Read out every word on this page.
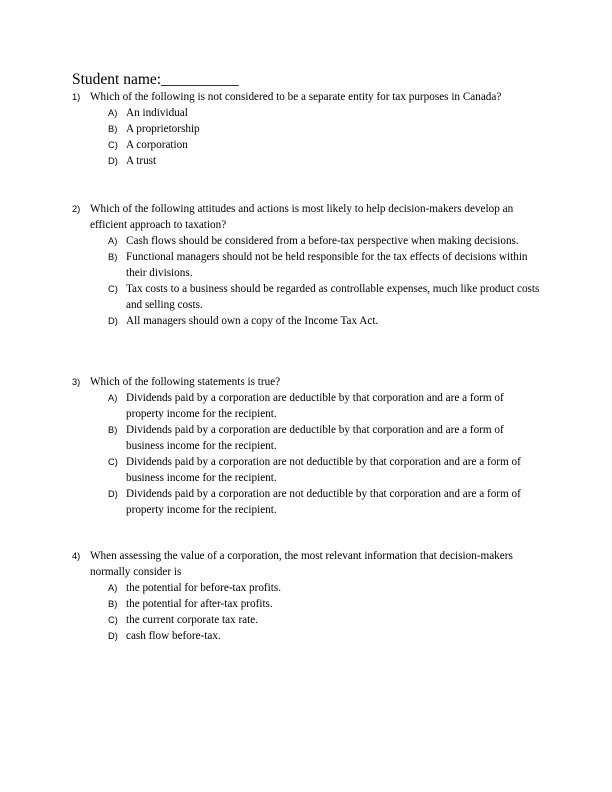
Student name:__________
1) Which of the following is not considered to be a separate entity for tax purposes in Canada?
A) An individual
B) A proprietorship
C) A corporation
D) A trust
2) Which of the following attitudes and actions is most likely to help decision-makers develop an efficient approach to taxation?
A) Cash flows should be considered from a before-tax perspective when making decisions.
B) Functional managers should not be held responsible for the tax effects of decisions within their divisions.
C) Tax costs to a business should be regarded as controllable expenses, much like product costs and selling costs.
D) All managers should own a copy of the Income Tax Act.
3) Which of the following statements is true?
A) Dividends paid by a corporation are deductible by that corporation and are a form of property income for the recipient.
B) Dividends paid by a corporation are deductible by that corporation and are a form of business income for the recipient.
C) Dividends paid by a corporation are not deductible by that corporation and are a form of business income for the recipient.
D) Dividends paid by a corporation are not deductible by that corporation and are a form of property income for the recipient.
4) When assessing the value of a corporation, the most relevant information that decision-makers normally consider is
A) the potential for before-tax profits.
B) the potential for after-tax profits.
C) the current corporate tax rate.
D) cash flow before-tax.
